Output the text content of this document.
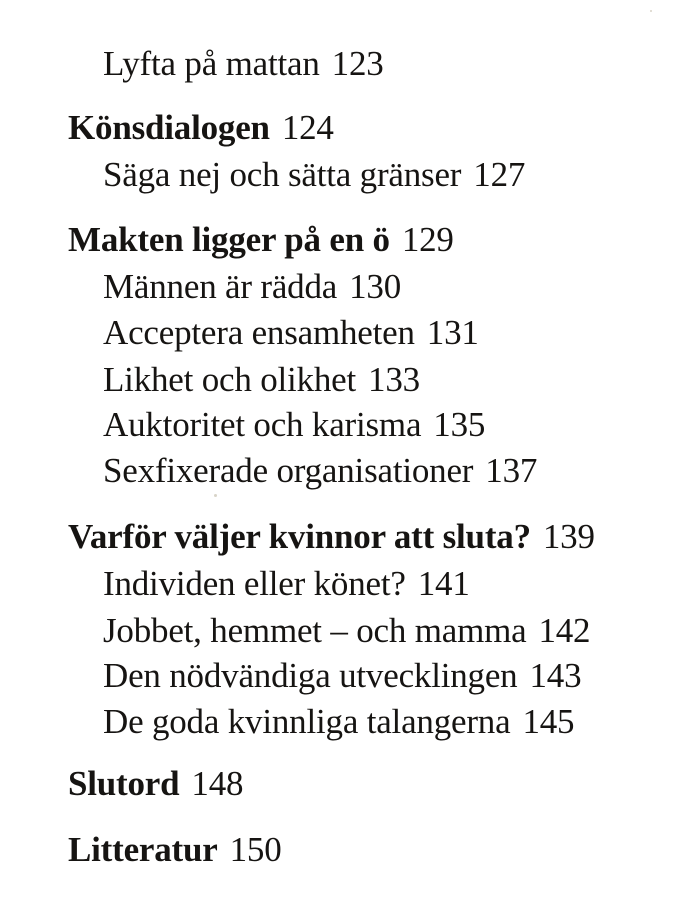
Lyfta på mattan 123
Könsdialogen 124
Säga nej och sätta gränser 127
Makten ligger på en ö 129
Männen är rädda 130
Acceptera ensamheten 131
Likhet och olikhet 133
Auktoritet och karisma 135
Sexfixerade organisationer 137
Varför väljer kvinnor att sluta? 139
Individen eller könet? 141
Jobbet, hemmet – och mamma 142
Den nödvändiga utvecklingen 143
De goda kvinnliga talangerna 145
Slutord 148
Litteratur 150
